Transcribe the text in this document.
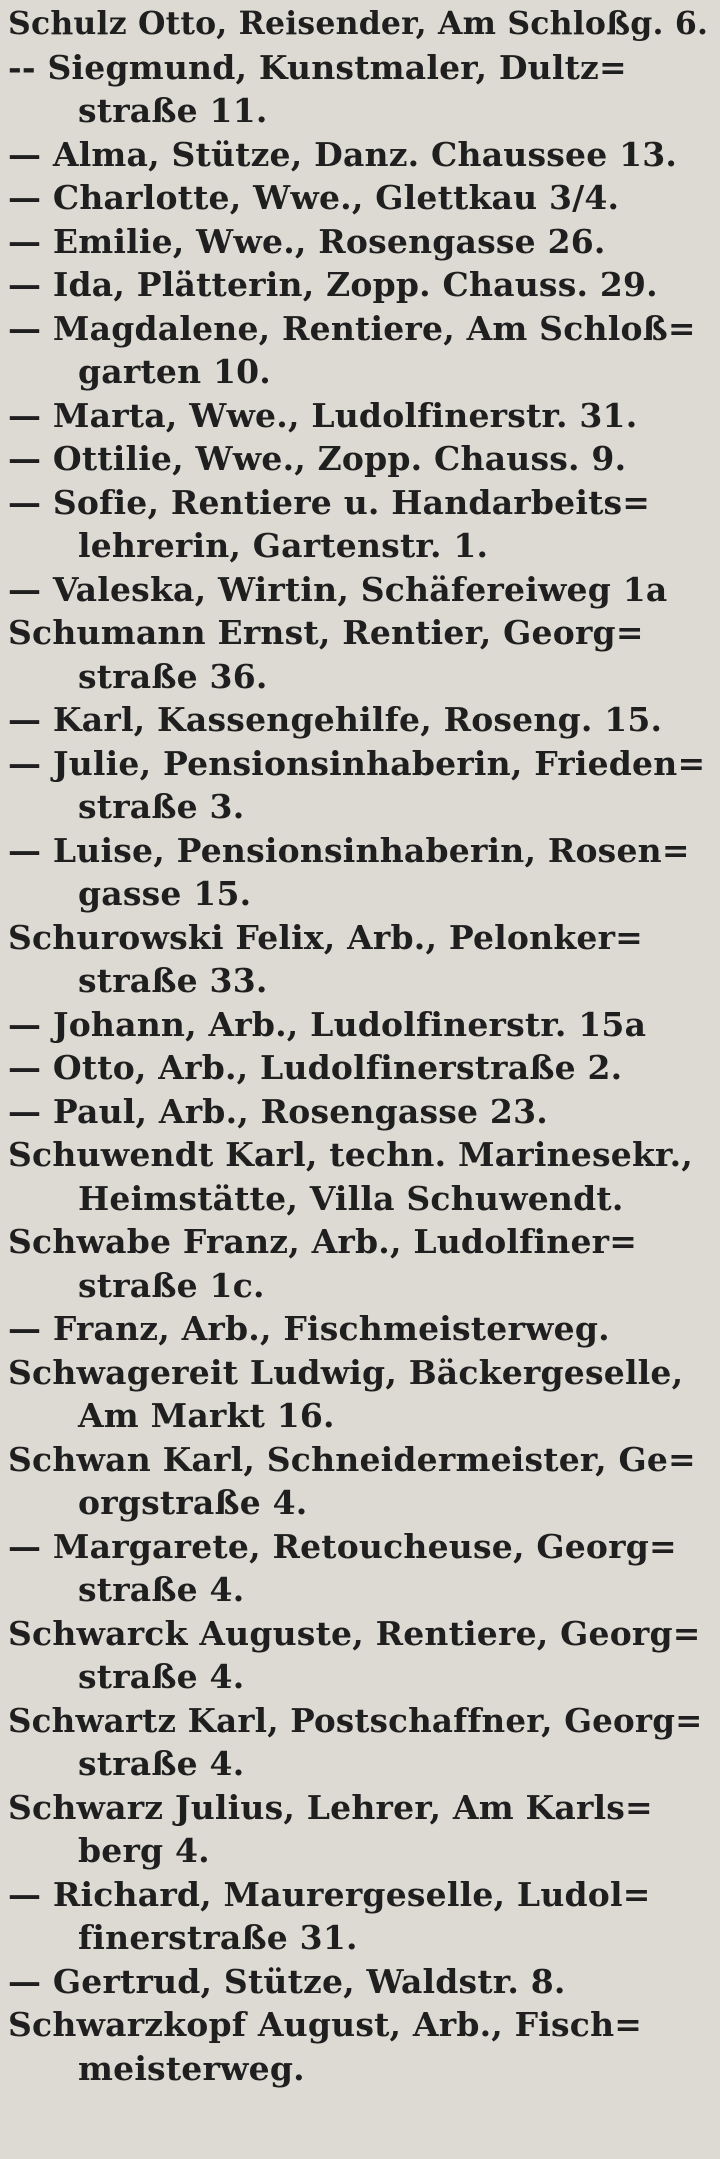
Schulz Otto, Reisender, Am Schloßg. 6.
-- Siegmund, Kunstmaler, Dultz=
straße 11.
— Alma, Stütze, Danz. Chaussee 13.
— Charlotte, Wwe., Glettkau 3/4.
— Emilie, Wwe., Rosengasse 26.
— Ida, Plätterin, Zopp. Chauss. 29.
— Magdalene, Rentiere, Am Schloß=
garten 10.
— Marta, Wwe., Ludolfinerstr. 31.
— Ottilie, Wwe., Zopp. Chauss. 9.
— Sofie, Rentiere u. Handarbeits=
lehrerin, Gartenstr. 1.
— Valeska, Wirtin, Schäfereiweg 1a
Schumann Ernst, Rentier, Georg=
straße 36.
— Karl, Kassengehilfe, Roseng. 15.
— Julie, Pensionsinhaberin, Frieden=
straße 3.
— Luise, Pensionsinhaberin, Rosen=
gasse 15.
Schurowski Felix, Arb., Pelonker=
straße 33.
— Johann, Arb., Ludolfinerstr. 15a
— Otto, Arb., Ludolfinerstraße 2.
— Paul, Arb., Rosengasse 23.
Schuwendt Karl, techn. Marinesekr.,
Heimstätte, Villa Schuwendt.
Schwabe Franz, Arb., Ludolfiner=
straße 1c.
— Franz, Arb., Fischmeisterweg.
Schwagereit Ludwig, Bäckergeselle,
Am Markt 16.
Schwan Karl, Schneidermeister, Ge=
orgstraße 4.
— Margarete, Retoucheuse, Georg=
straße 4.
Schwarck Auguste, Rentiere, Georg=
straße 4.
Schwartz Karl, Postschaffner, Georg=
straße 4.
Schwarz Julius, Lehrer, Am Karls=
berg 4.
— Richard, Maurergeselle, Ludol=
finerstraße 31.
— Gertrud, Stütze, Waldstr. 8.
Schwarzkopf August, Arb., Fisch=
meisterweg.
